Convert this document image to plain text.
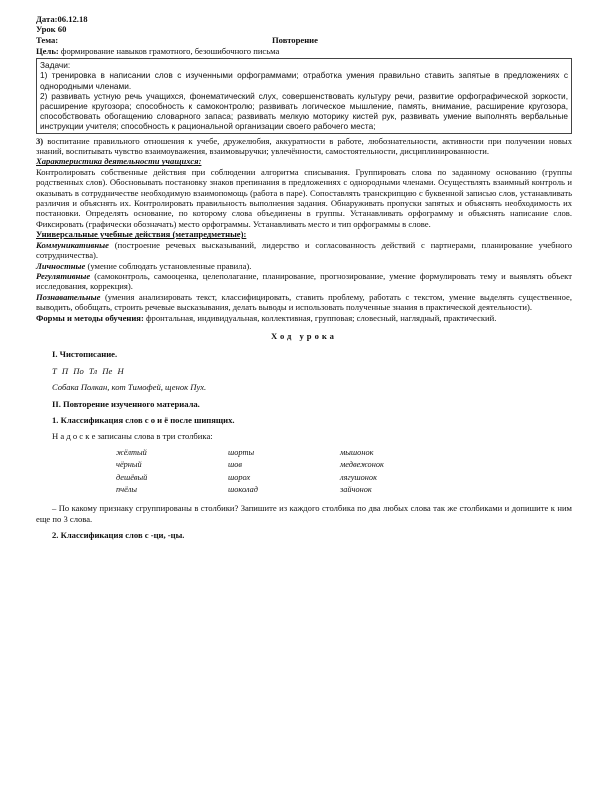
Дата:06.12.18
Урок 60
Тема:	Повторение
Цель: формирование навыков грамотного, безошибочного письма
Задачи:
1) тренировка в написании слов с изученными орфограммами; отработка умения правильно ставить запятые в предложениях с однородными членами.
2) развивать устную речь учащихся, фонематический слух, совершенствовать культуру речи, развитие орфографической зоркости, расширение кругозора; способность к самоконтролю; развивать логическое мышление, память, внимание, расширение кругозора, способствовать обогащению словарного запаса; развивать мелкую моторику кистей рук, развивать умение выполнять вербальные инструкции учителя; способность к рациональной организации своего рабочего места;
3) воспитание правильного отношения к учебе, дружелюбия, аккуратности в работе, любознательности, активности при получении новых знаний, воспитывать чувство взаимоуважения, взаимовыручки; увлечённости, самостоятельности, дисциплинированности.
Характеристика деятельности учащихся:
Контролировать собственные действия при соблюдении алгоритма списывания. Группировать слова по заданному основанию (группы родственных слов). Обосновывать постановку знаков препинания в предложениях с однородными членами. Осуществлять взаимный контроль и оказывать в сотрудничестве необходимую взаимопомощь (работа в паре). Сопоставлять транскрипцию с буквенной записью слов, устанавливать различия и объяснять их. Контролировать правильность выполнения задания. Обнаруживать пропуски запятых и объяснять необходимость их постановки. Определять основание, по которому слова объединены в группы. Устанавливать орфограмму и объяснять написание слов. Фиксировать (графически обозначать) место орфограммы. Устанавливать место и тип орфограммы в слове.
Универсальные учебные действия (метапредметные):
Коммуникативные (построение речевых высказываний, лидерство и согласованность действий с партнерами, планирование учебного сотрудничества).
Личностные (умение соблюдать установленные правила).
Регулятивные (самоконтроль, самооценка, целеполагание, планирование, прогнозирование, умение формулировать тему и выявлять объект исследования, коррекция).
Познавательные (умения анализировать текст, классифицировать, ставить проблему, работать с текстом, умение выделять существенное, выводить, обобщать, строить речевые высказывания, делать выводы и использовать полученные знания в практической деятельности).
Формы и методы обучения: фронтальная, индивидуальная, коллективная, групповая; словесный, наглядный, практический.
Ход урока
I. Чистописание.
Т П По Тл Пе Н
Собака Полкан, кот Тимофей, щенок Пух.
II. Повторение изученного материала.
1. Классификация слов с о и ё после шипящих.
Н а д о с к е записаны слова в три столбика:
жёлтый	шорты	мышонок
чёрный	шов	медвежонок
дешёвый	шорох	лягушонок
пчёлы	шоколад	зайчонок
– По какому признаку сгруппированы в столбики? Запишите из каждого столбика по два любых слова так же столбиками и допишите к ним еще по 3 слова.
2. Классификация слов с -ци, -цы.
